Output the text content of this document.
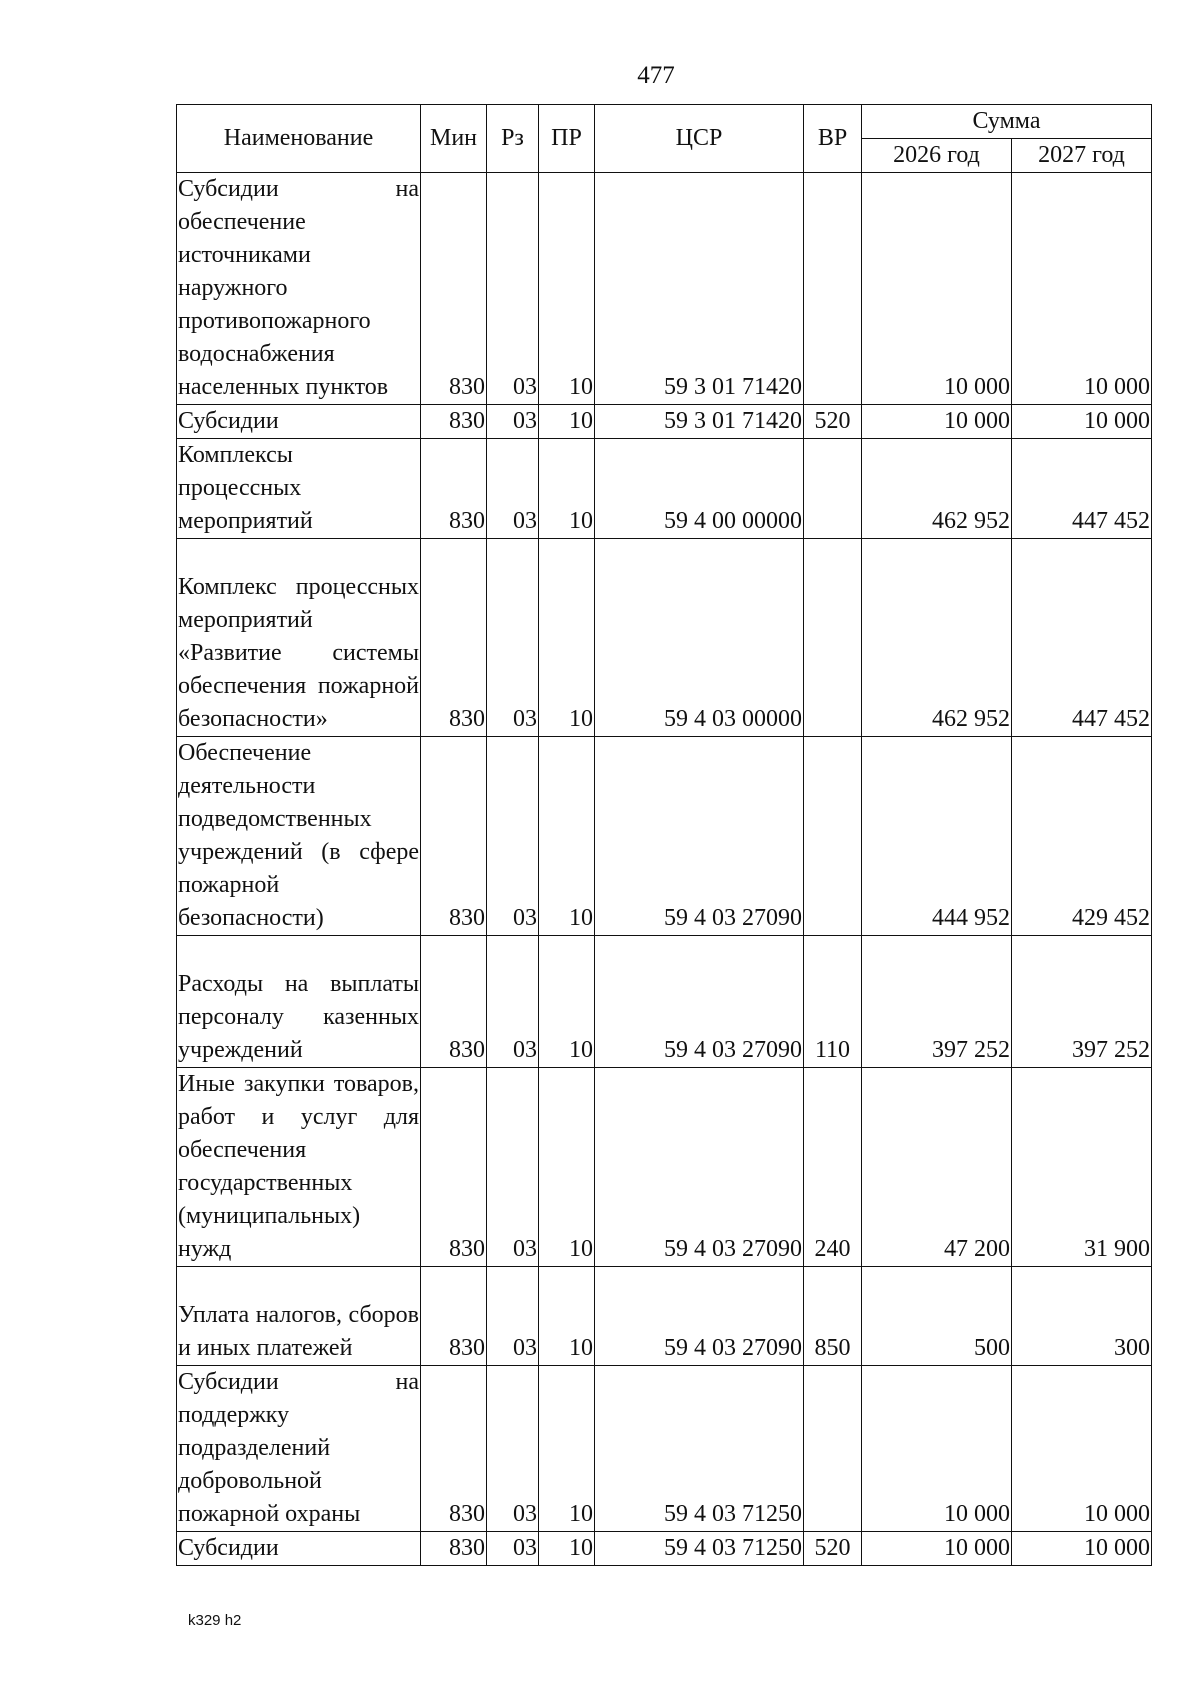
477
Наименование	Мин	Рз	ПР	ЦСР	ВР	Сумма	
						2026 год	2027 год
Субсидии на обеспечение источниками наружного противопожарного водоснабжения населенных пунктов	830	03	10	59 3 01 71420		10 000	10 000
Субсидии	830	03	10	59 3 01 71420	520	10 000	10 000
Комплексы процессных мероприятий	830	03	10	59 4 00 00000		462 952	447 452
Комплекс процессных мероприятий «Развитие системы обеспечения пожарной безопасности»	830	03	10	59 4 03 00000		462 952	447 452
Обеспечение деятельности подведомственных учреждений (в сфере пожарной безопасности)	830	03	10	59 4 03 27090		444 952	429 452
Расходы на выплаты персоналу казенных учреждений	830	03	10	59 4 03 27090	110	397 252	397 252
Иные закупки товаров, работ и услуг для обеспечения государственных (муниципальных) нужд	830	03	10	59 4 03 27090	240	47 200	31 900
Уплата налогов, сборов и иных платежей	830	03	10	59 4 03 27090	850	500	300
Субсидии на поддержку подразделений добровольной пожарной охраны	830	03	10	59 4 03 71250		10 000	10 000
Субсидии	830	03	10	59 4 03 71250	520	10 000	10 000
k329 h2
